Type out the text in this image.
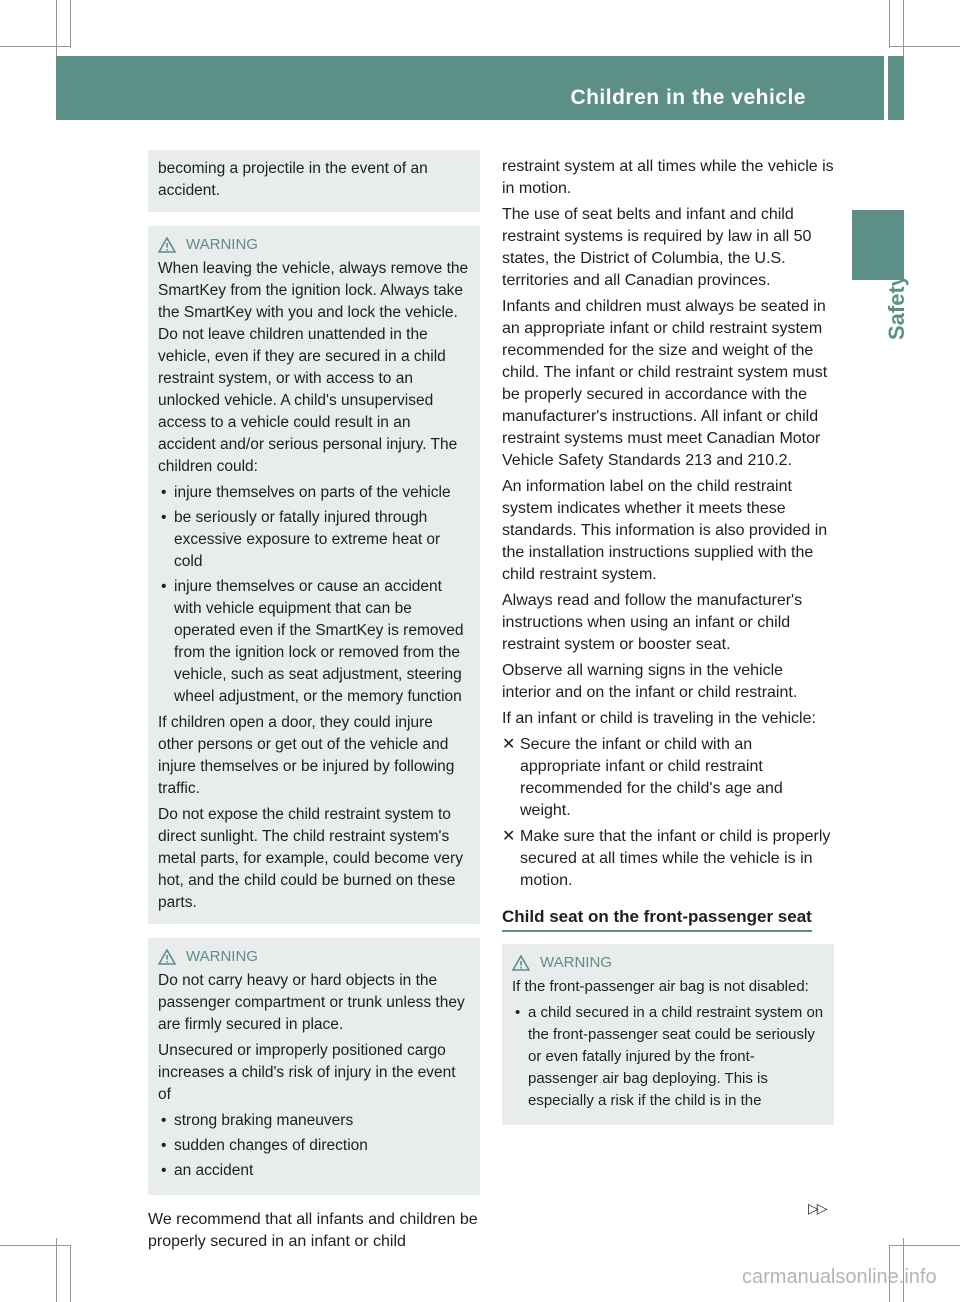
Children in the vehicle	49
Safety

becoming a projectile in the event of an accident.

WARNING

When leaving the vehicle, always remove the SmartKey from the ignition lock. Always take the SmartKey with you and lock the vehicle. Do not leave children unattended in the vehicle, even if they are secured in a child restraint system, or with access to an unlocked vehicle. A child's unsupervised access to a vehicle could result in an accident and/or serious personal injury. The children could:

• injure themselves on parts of the vehicle
• be seriously or fatally injured through excessive exposure to extreme heat or cold
• injure themselves or cause an accident with vehicle equipment that can be operated even if the SmartKey is removed from the ignition lock or removed from the vehicle, such as seat adjustment, steering wheel adjustment, or the memory function

If children open a door, they could injure other persons or get out of the vehicle and injure themselves or be injured by following traffic.

Do not expose the child restraint system to direct sunlight. The child restraint system's metal parts, for example, could become very hot, and the child could be burned on these parts.

WARNING

Do not carry heavy or hard objects in the passenger compartment or trunk unless they are firmly secured in place.

Unsecured or improperly positioned cargo increases a child's risk of injury in the event of

• strong braking maneuvers
• sudden changes of direction
• an accident

We recommend that all infants and children be properly secured in an infant or child

restraint system at all times while the vehicle is in motion.

The use of seat belts and infant and child restraint systems is required by law in all 50 states, the District of Columbia, the U.S. territories and all Canadian provinces.

Infants and children must always be seated in an appropriate infant or child restraint system recommended for the size and weight of the child. The infant or child restraint system must be properly secured in accordance with the manufacturer's instructions. All infant or child restraint systems must meet Canadian Motor Vehicle Safety Standards 213 and 210.2.

An information label on the child restraint system indicates whether it meets these standards. This information is also provided in the installation instructions supplied with the child restraint system.

Always read and follow the manufacturer's instructions when using an infant or child restraint system or booster seat.

Observe all warning signs in the vehicle interior and on the infant or child restraint.

If an infant or child is traveling in the vehicle:

✕ Secure the infant or child with an appropriate infant or child restraint recommended for the child's age and weight.
✕ Make sure that the infant or child is properly secured at all times while the vehicle is in motion.
Child seat on the front-passenger seat
WARNING

If the front-passenger air bag is not disabled:

• a child secured in a child restraint system on the front-passenger seat could be seriously or even fatally injured by the front-passenger air bag deploying. This is especially a risk if the child is in the
▷▷
carmanualsonline.info
